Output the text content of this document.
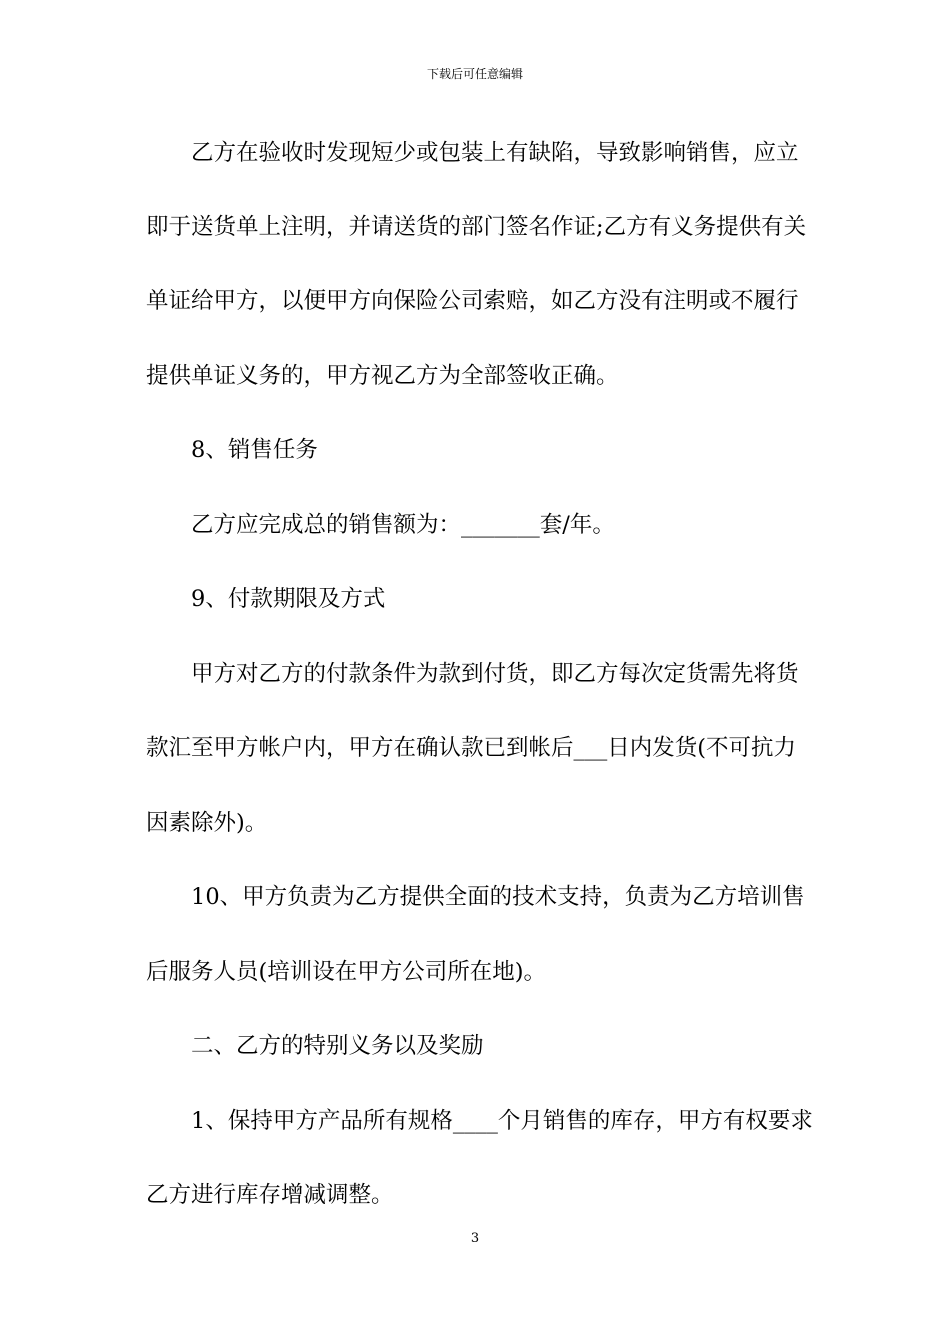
下载后可任意编辑
　　乙方在验收时发现短少或包装上有缺陷，导致影响销售，应立
即于送货单上注明，并请送货的部门签名作证;乙方有义务提供有关
单证给甲方，以便甲方向保险公司索赔，如乙方没有注明或不履行
提供单证义务的，甲方视乙方为全部签收正确。
　　8、销售任务
　　乙方应完成总的销售额为：_______套/年。
　　9、付款期限及方式
　　甲方对乙方的付款条件为款到付货，即乙方每次定货需先将货
款汇至甲方帐户内，甲方在确认款已到帐后___日内发货(不可抗力
因素除外)。
　　10、甲方负责为乙方提供全面的技术支持，负责为乙方培训售
后服务人员(培训设在甲方公司所在地)。
　　二、乙方的特别义务以及奖励
　　1、保持甲方产品所有规格____个月销售的库存，甲方有权要求
乙方进行库存增减调整。
3
